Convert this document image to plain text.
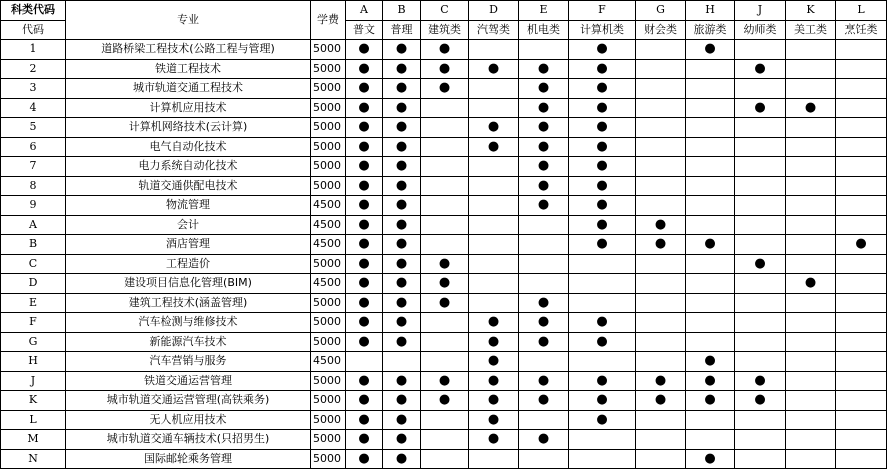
科类代码	专业	学费	A	B	C	D	E	F	G	H	J	K	L
代码			普文	普理	建筑类	汽驾类	机电类	计算机类	财会类	旅游类	幼师类	美工类	烹饪类
1	道路桥梁工程技术(公路工程与管理)	5000	●	●	●			●		●			
2	铁道工程技术	5000	●	●	●	●	●	●			●		
3	城市轨道交通工程技术	5000	●	●	●		●	●					
4	计算机应用技术	5000	●	●			●	●			●	●	
5	计算机网络技术(云计算)	5000	●	●		●	●	●					
6	电气自动化技术	5000	●	●		●	●	●					
7	电力系统自动化技术	5000	●	●			●	●					
8	轨道交通供配电技术	5000	●	●			●	●					
9	物流管理	4500	●	●			●	●					
A	会计	4500	●	●				●	●				
B	酒店管理	4500	●	●				●	●	●			●
C	工程造价	5000	●	●	●						●		
D	建设项目信息化管理(BIM)	4500	●	●	●							●	
E	建筑工程技术(涵盖管理)	5000	●	●	●		●						
F	汽车检测与维修技术	5000	●	●		●	●	●					
G	新能源汽车技术	5000	●	●		●	●	●					
H	汽车营销与服务	4500				●				●			
J	铁道交通运营管理	5000	●	●	●	●	●	●	●	●	●		
K	城市轨道交通运营管理(高铁乘务)	5000	●	●	●	●	●	●	●	●	●		
L	无人机应用技术	5000	●	●		●		●					
M	城市轨道交通车辆技术(只招男生)	5000	●	●		●	●						
N	国际邮轮乘务管理	5000	●	●						●			
